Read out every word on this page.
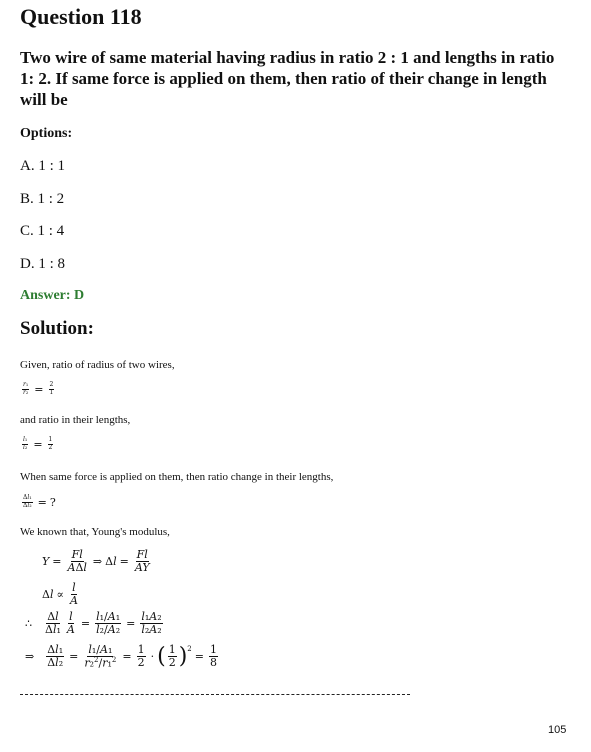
Question 118
Two wire of same material having radius in ratio 2 : 1 and lengths in ratio 1: 2. If same force is applied on them, then ratio of their change in length will be
Options:
A. 1 : 1
B. 1 : 2
C. 1 : 4
D. 1 : 8
Answer: D
Solution:
Given, ratio of radius of two wires,
$\frac{\text{r₁}}{\text{r₂}} = \frac{2}{1}$
and ratio in their lengths,
$\frac{\text{l₁}}{\text{l₂}} = \frac{1}{2}$
When same force is applied on them, then ratio change in their lengths,
$\frac{\text{Δl₁}}{\text{Δl₂}}$ = ?
We known that, Young's modulus,
$Y = \frac{Fl}{\text{AΔl}}$ ⇒ $\Delta l = \frac{Fl}{AY}$
$\Delta l \propto \frac{l}{A}$
∴ $\frac{\Delta l}{\text{Δl₁}} \frac{l}{A} = \frac{\text{l₁/A₁}}{\text{l₂/A₂}} = \frac{\text{l₁A₂}}{\text{l₂A₂}}$
⇒ $\frac{\text{Δl₁}}{\text{Δl₂}} = \frac{\text{l₁/A₁}}{r_2^2/r_1^2} = \frac{1}{2}$ · ( $\frac{1}{2} )^2$
= $\frac{1}{8}$
105
